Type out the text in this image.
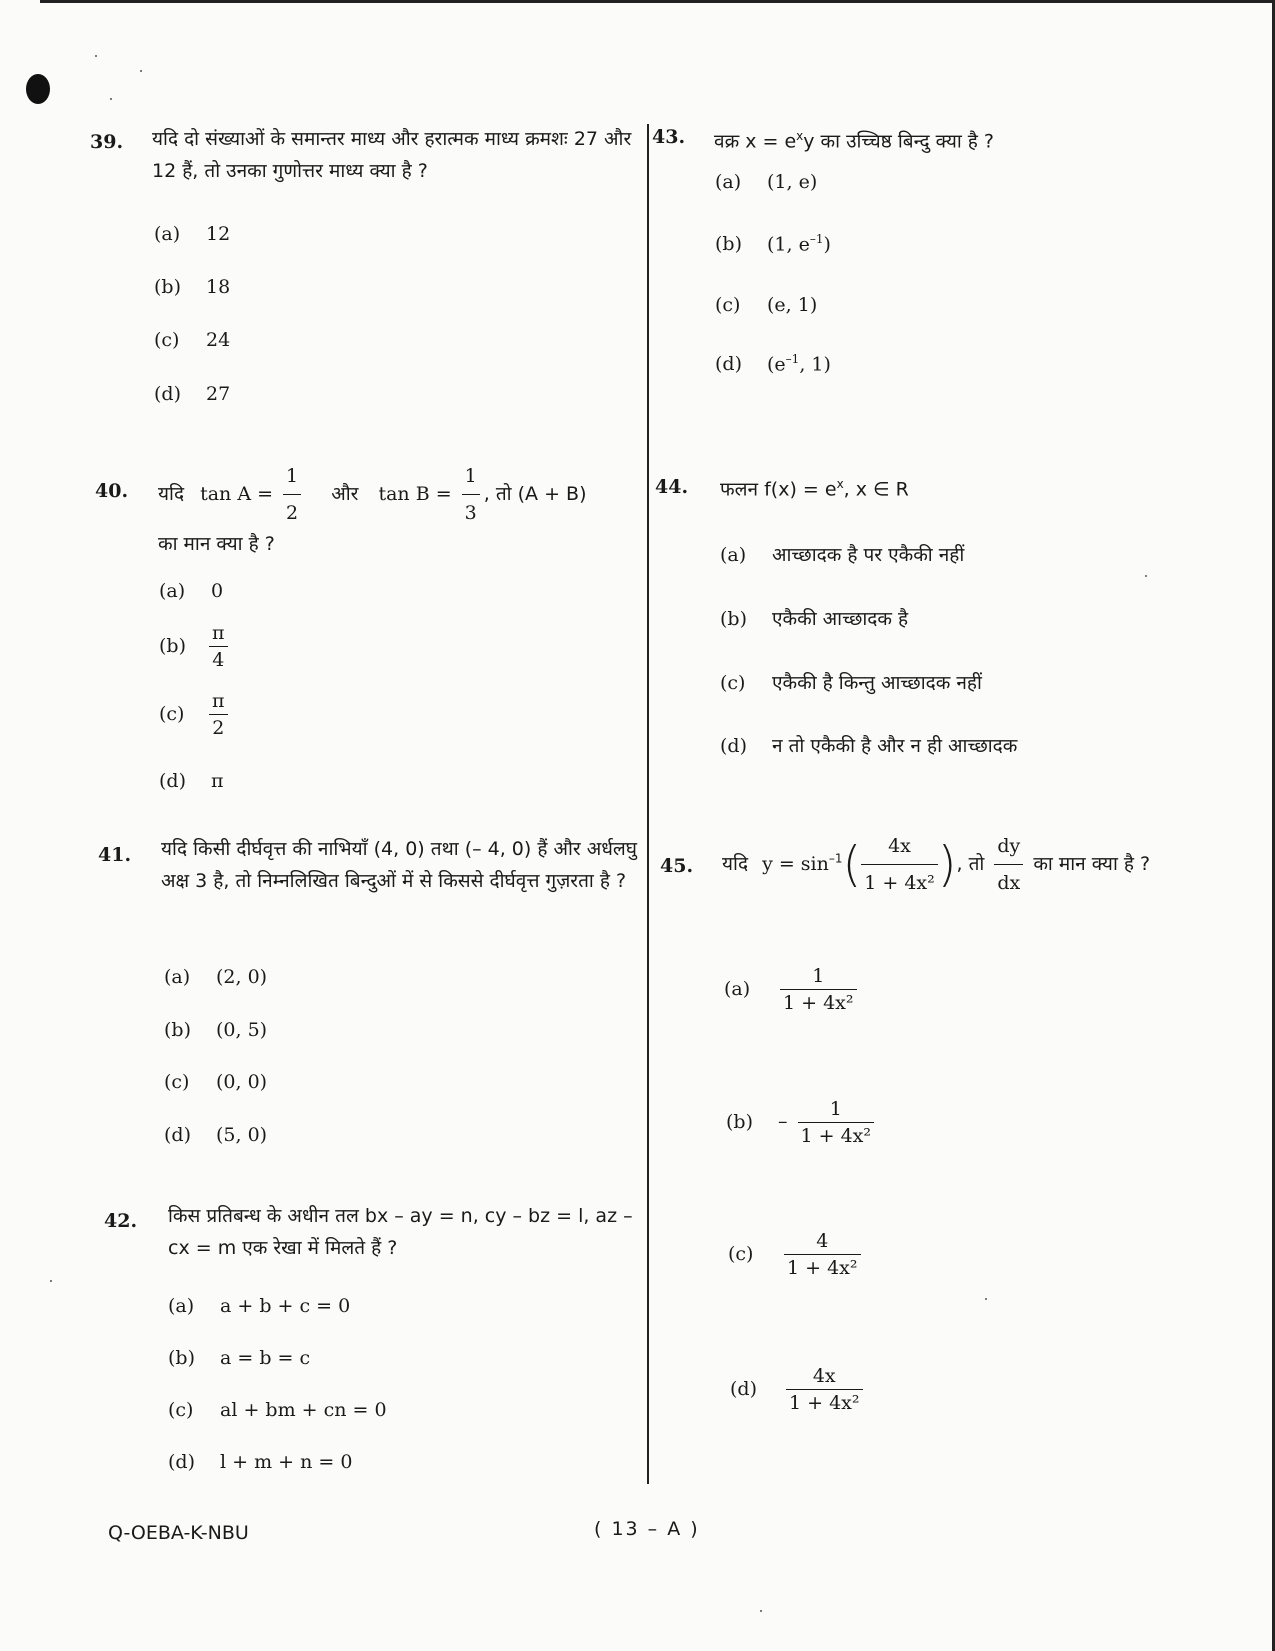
39. यदि दो संख्याओं के समान्तर माध्य और हरात्मक माध्य क्रमशः 27 और 12 हैं, तो उनका गुणोत्तर माध्य क्या है ?
(a) 12
(b) 18
(c) 24
(d) 27
40. यदि $\tan A = \frac{1}{2}$ और $\tan B = \frac{1}{3}$ , तो (A + B)
का मान क्या है ?
(a) 0
$(b) \frac{\pi}{4}$
$(c) \frac{\pi}{2}$
(d) π
41. यदि किसी दीर्घवृत्त की नाभियाँ (4, 0) तथा (– 4, 0) हैं और अर्धलघु अक्ष 3 है, तो निम्नलिखित बिन्दुओं में से किससे दीर्घवृत्त गुज़रता है ?
(a) (2, 0)
(b) (0, 5)
(c) (0, 0)
(d) (5, 0)
42. किस प्रतिबन्ध के अधीन तल bx – ay = n, cy – bz = l, az – cx = m एक रेखा में मिलते हैं ?
(a) a + b + c = 0
(b) a = b = c
(c) al + bm + cn = 0
(d) l + m + n = 0
43. वक्र $x = e^xy$ का उच्चिष्ठ बिन्दु क्या है ?
(a) (1, e)
(b) (1, $e^{-1}$)
(c) (e, 1)
(d) ($e^{-1}$, 1)
44. फलन $f(x) = e^x$, x ∈ R
(a) आच्छादक है पर एकैकी नहीं
(b) एकैकी आच्छादक है
(c) एकैकी है किन्तु आच्छादक नहीं
(d) न तो एकैकी है और न ही आच्छादक
45. यदि $y = \sin^{-1}( \frac{4x}{\text{1 + 4x²}}$ ), तो $\frac{dy}{dx}$ का मान क्या है ?
$(a) \frac{1}{\text{1 + 4x²}}$
$(b) - \frac{1}{\text{1 + 4x²}}$
$(c) \frac{4}{\text{1 + 4x²}}$
$(d) \frac{4x}{\text{1 + 4x²}}$
Q-OEBA-K-NBU	( 13 – A )
